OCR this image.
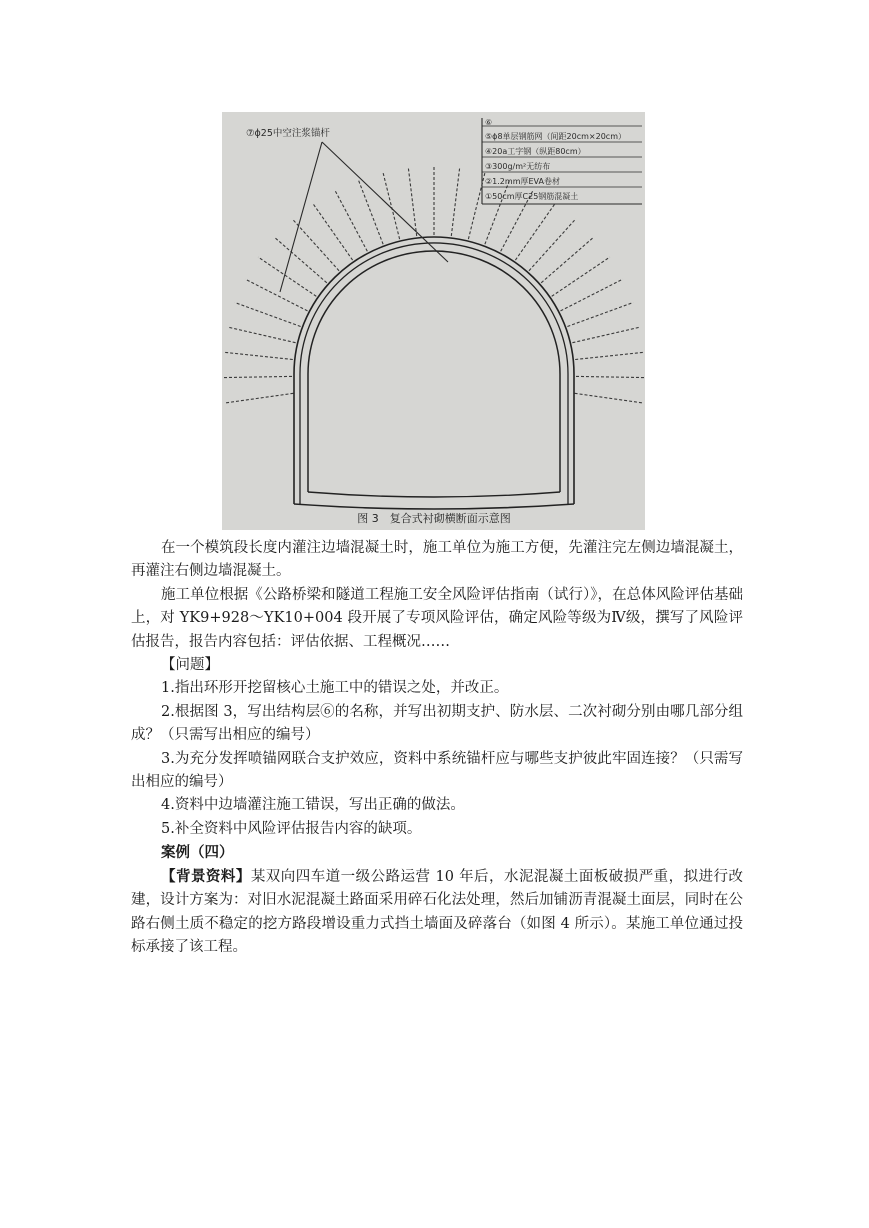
⑦ϕ25中空注浆锚杆
⑥
⑤ϕ8单层钢筋网（间距20cm×20cm）
④20a工字钢（纵距80cm）
③300g/m²无纺布
②1.2mm厚EVA卷材
①50cm厚C25钢筋混凝土
图 3　复合式衬砌横断面示意图

在一个模筑段长度内灌注边墙混凝土时，施工单位为施工方便，先灌注完左侧边墙混凝土，再灌注右侧边墙混凝土。

施工单位根据《公路桥梁和隧道工程施工安全风险评估指南（试行）》，在总体风险评估基础上，对 YK9+928～YK10+004 段开展了专项风险评估，确定风险等级为Ⅳ级，撰写了风险评估报告，报告内容包括：评估依据、工程概况……

【问题】

1.指出环形开挖留核心土施工中的错误之处，并改正。

2.根据图 3，写出结构层⑥的名称，并写出初期支护、防水层、二次衬砌分别由哪几部分组成？（只需写出相应的编号）

3.为充分发挥喷锚网联合支护效应，资料中系统锚杆应与哪些支护彼此牢固连接？（只需写出相应的编号）

4.资料中边墙灌注施工错误，写出正确的做法。

5.补全资料中风险评估报告内容的缺项。

案例（四）

【背景资料】某双向四车道一级公路运营 10 年后，水泥混凝土面板破损严重，拟进行改建，设计方案为：对旧水泥混凝土路面采用碎石化法处理，然后加铺沥青混凝土面层，同时在公路右侧土质不稳定的挖方路段增设重力式挡土墙面及碎落台（如图 4 所示）。某施工单位通过投标承接了该工程。
